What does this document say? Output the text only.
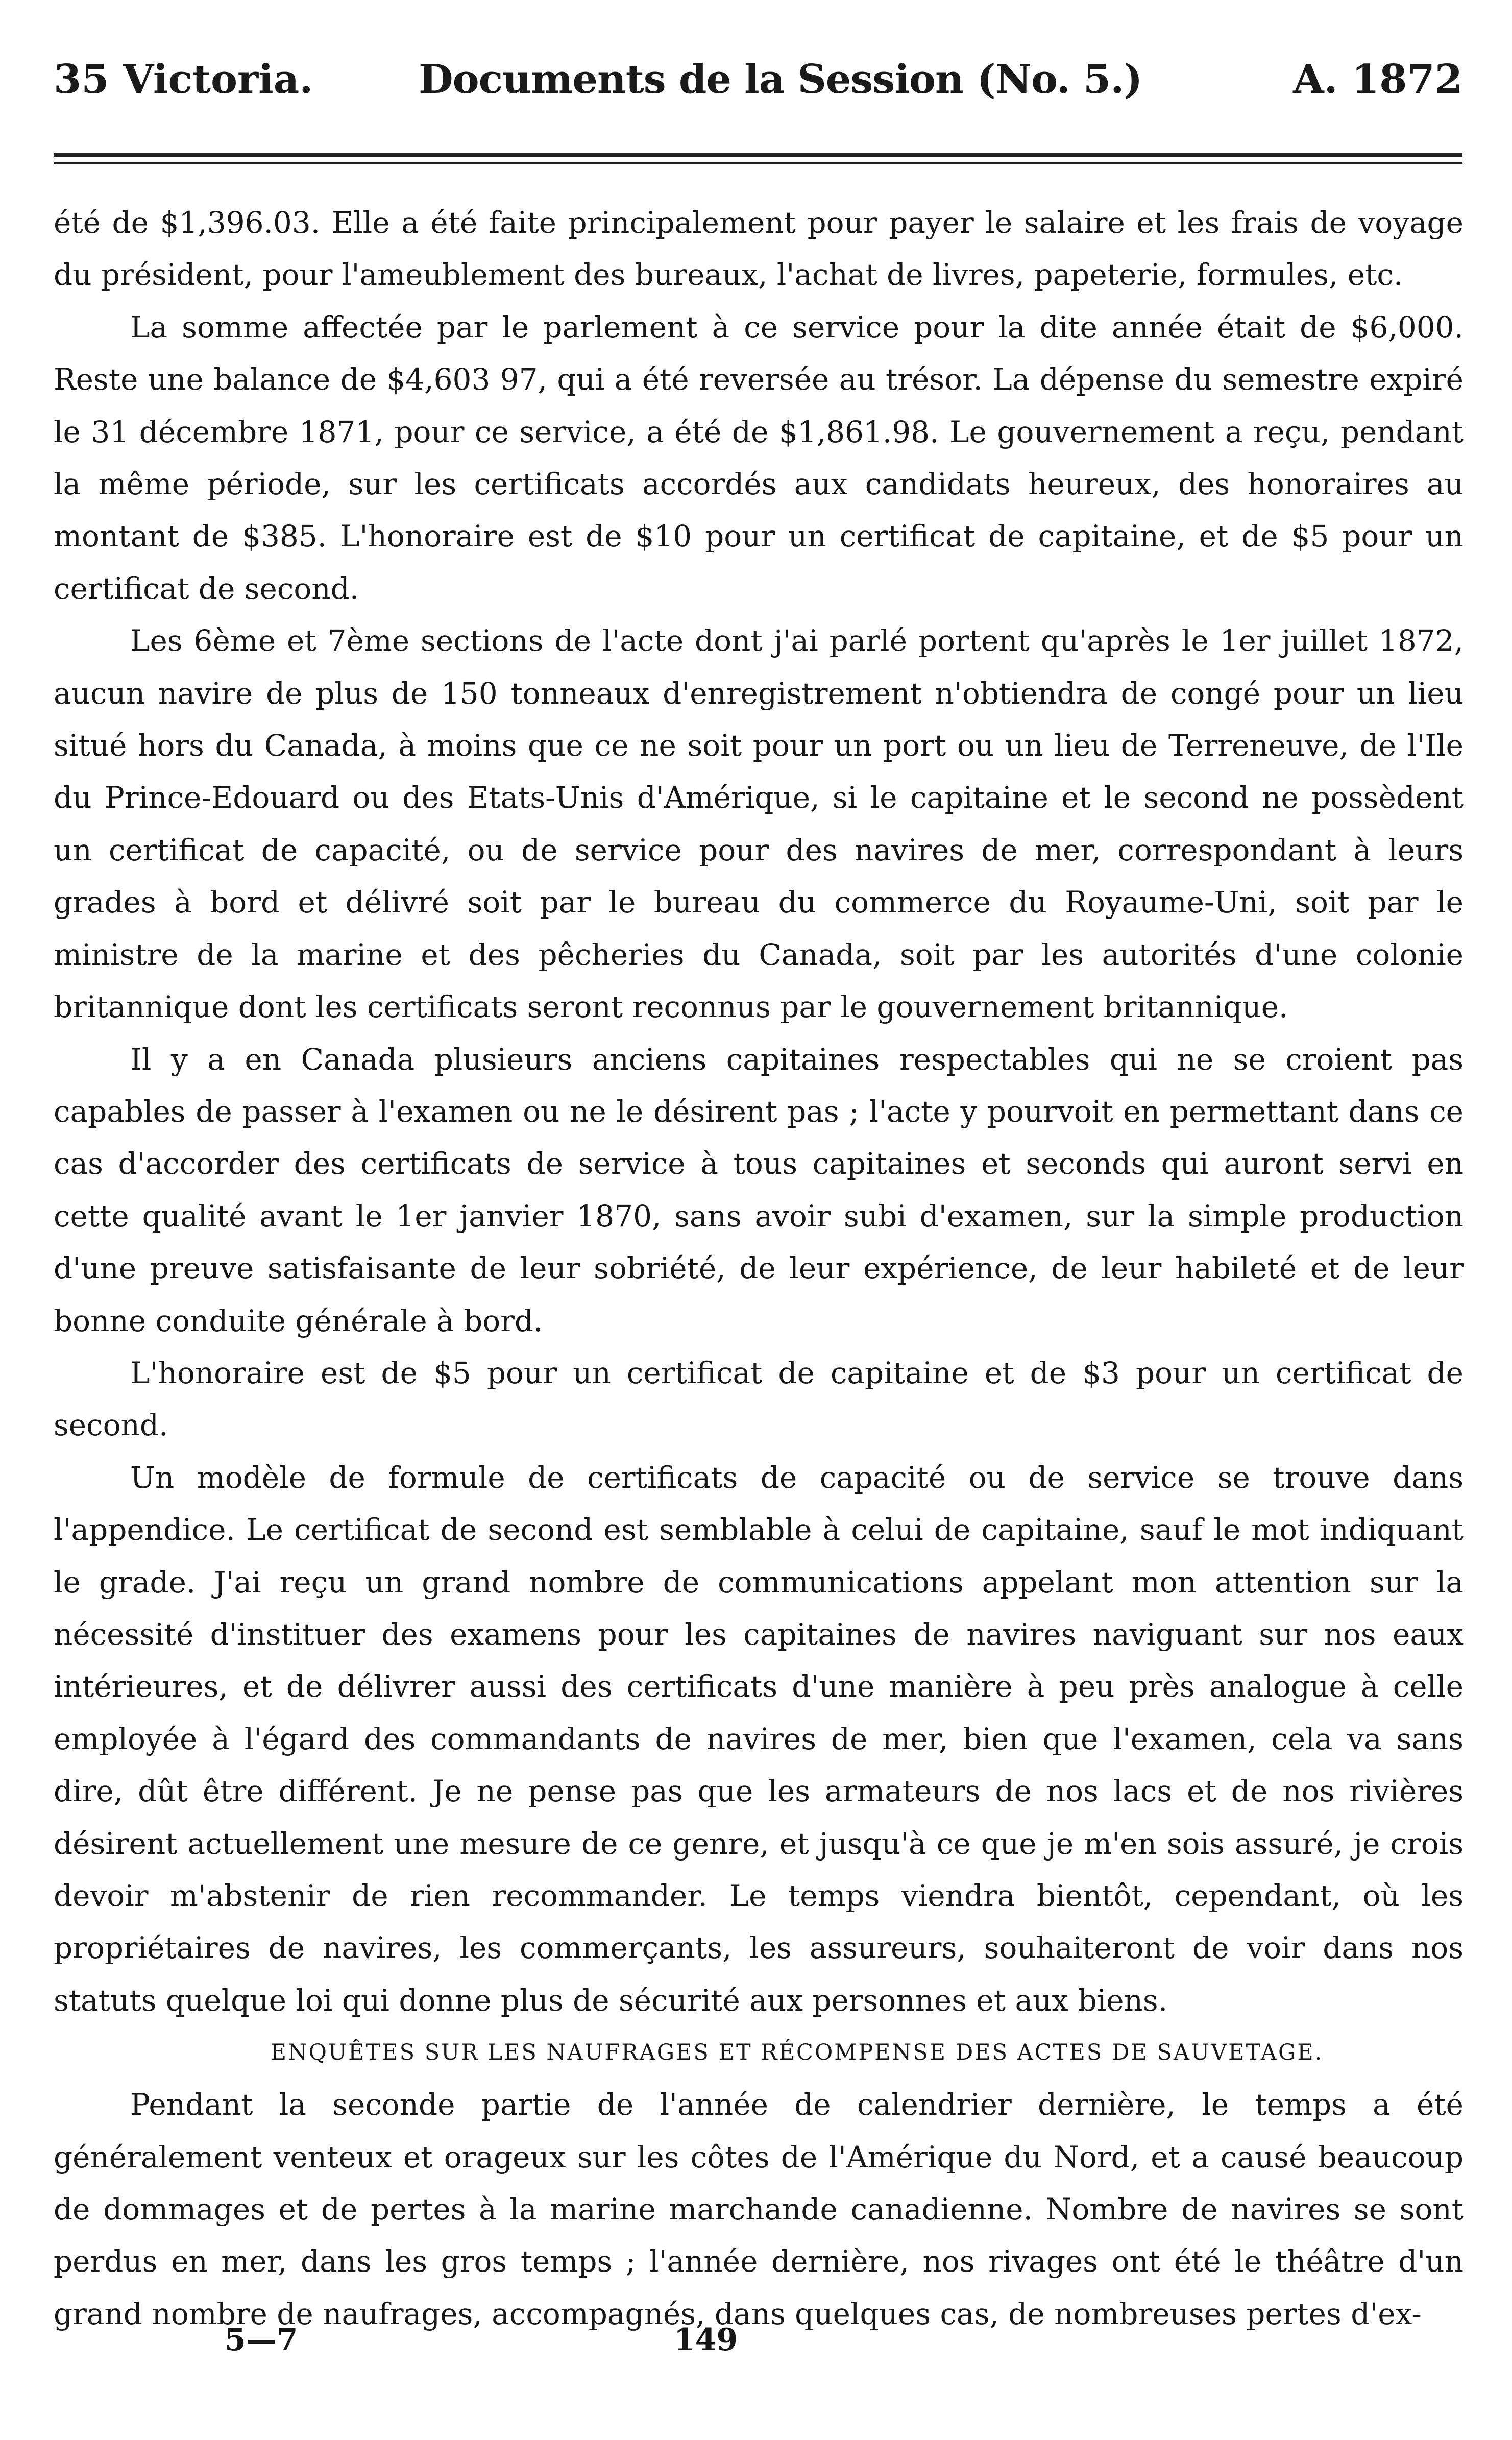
35 Victoria.	Documents de la Session (No. 5.)	A. 1872

été de $1,396.03. Elle a été faite principalement pour payer le salaire et les frais de voyage du président, pour l'ameublement des bureaux, l'achat de livres, papeterie, formules, etc.

La somme affectée par le parlement à ce service pour la dite année était de $6,000. Reste une balance de $4,603 97, qui a été reversée au trésor. La dépense du semestre expiré le 31 décembre 1871, pour ce service, a été de $1,861.98. Le gouvernement a reçu, pendant la même période, sur les certificats accordés aux candidats heureux, des honoraires au montant de $385. L'honoraire est de $10 pour un certificat de capitaine, et de $5 pour un certificat de second.

Les 6ème et 7ème sections de l'acte dont j'ai parlé portent qu'après le 1er juillet 1872, aucun navire de plus de 150 tonneaux d'enregistrement n'obtiendra de congé pour un lieu situé hors du Canada, à moins que ce ne soit pour un port ou un lieu de Terreneuve, de l'Ile du Prince-Edouard ou des Etats-Unis d'Amérique, si le capitaine et le second ne possèdent un certificat de capacité, ou de service pour des navires de mer, correspondant à leurs grades à bord et délivré soit par le bureau du commerce du Royaume-Uni, soit par le ministre de la marine et des pêcheries du Canada, soit par les autorités d'une colonie britannique dont les certificats seront reconnus par le gouvernement britannique.

Il y a en Canada plusieurs anciens capitaines respectables qui ne se croient pas capables de passer à l'examen ou ne le désirent pas ; l'acte y pourvoit en permettant dans ce cas d'accorder des certificats de service à tous capitaines et seconds qui auront servi en cette qualité avant le 1er janvier 1870, sans avoir subi d'examen, sur la simple production d'une preuve satisfaisante de leur sobriété, de leur expérience, de leur habileté et de leur bonne conduite générale à bord.

L'honoraire est de $5 pour un certificat de capitaine et de $3 pour un certificat de second.

Un modèle de formule de certificats de capacité ou de service se trouve dans l'appendice. Le certificat de second est semblable à celui de capitaine, sauf le mot indiquant le grade. J'ai reçu un grand nombre de communications appelant mon attention sur la nécessité d'instituer des examens pour les capitaines de navires naviguant sur nos eaux intérieures, et de délivrer aussi des certificats d'une manière à peu près analogue à celle employée à l'égard des commandants de navires de mer, bien que l'examen, cela va sans dire, dût être différent. Je ne pense pas que les armateurs de nos lacs et de nos rivières désirent actuellement une mesure de ce genre, et jusqu'à ce que je m'en sois assuré, je crois devoir m'abstenir de rien recommander. Le temps viendra bientôt, cependant, où les propriétaires de navires, les commerçants, les assureurs, souhaiteront de voir dans nos statuts quelque loi qui donne plus de sécurité aux personnes et aux biens.

ENQUÊTES SUR LES NAUFRAGES ET RÉCOMPENSE DES ACTES DE SAUVETAGE.

Pendant la seconde partie de l'année de calendrier dernière, le temps a été généralement venteux et orageux sur les côtes de l'Amérique du Nord, et a causé beaucoup de dommages et de pertes à la marine marchande canadienne. Nombre de navires se sont perdus en mer, dans les gros temps ; l'année dernière, nos rivages ont été le théâtre d'un grand nombre de naufrages, accompagnés, dans quelques cas, de nombreuses pertes d'ex-

5—7	149
